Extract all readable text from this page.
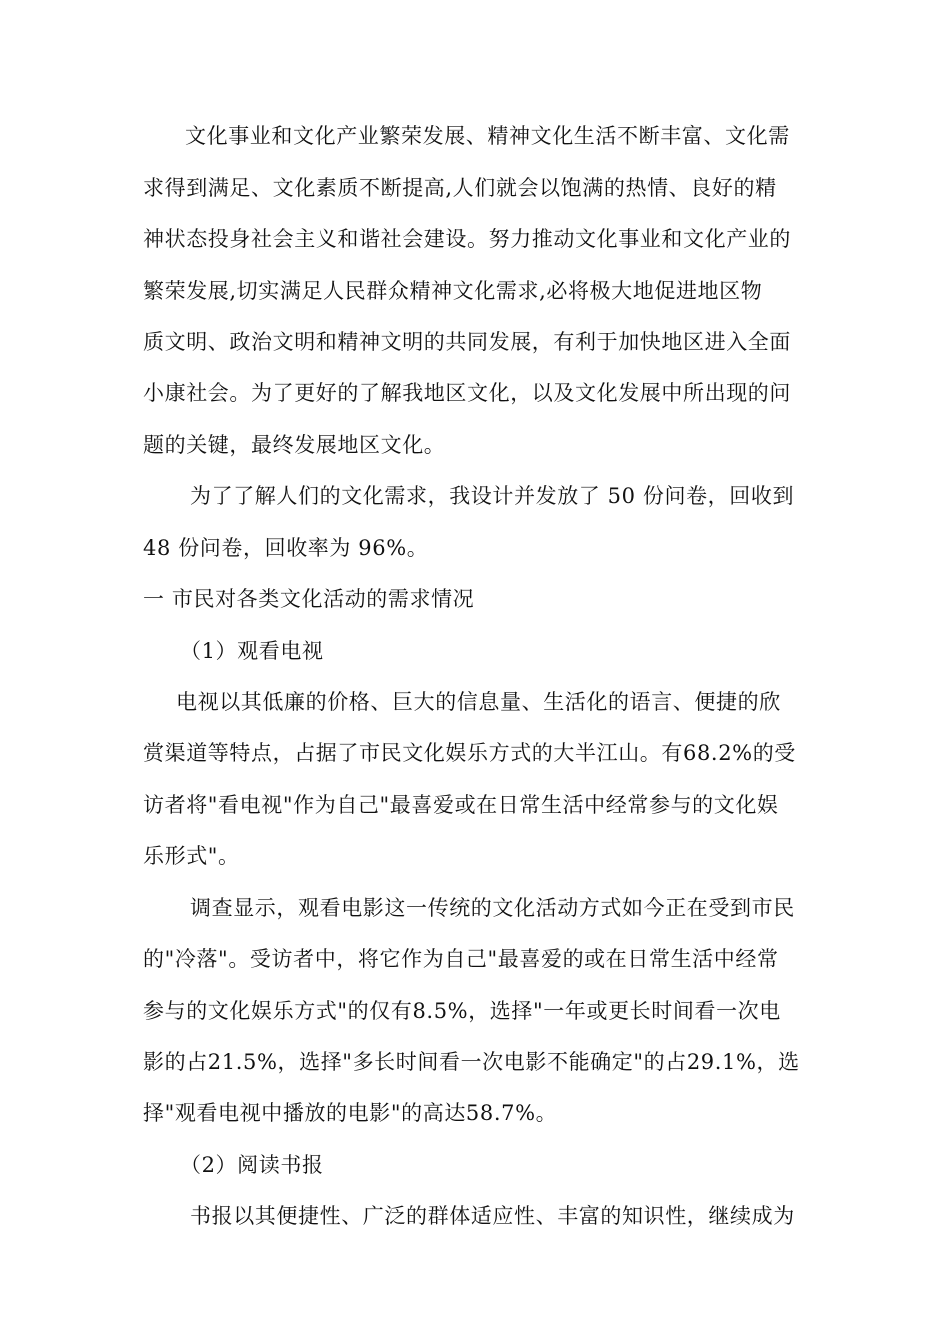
文化事业和文化产业繁荣发展、精神文化生活不断丰富、文化需
求得到满足、文化素质不断提高,人们就会以饱满的热情、良好的精
神状态投身社会主义和谐社会建设。努力推动文化事业和文化产业的
繁荣发展,切实满足人民群众精神文化需求,必将极大地促进地区物
质文明、政治文明和精神文明的共同发展，有利于加快地区进入全面
小康社会。为了更好的了解我地区文化，以及文化发展中所出现的问
题的关键，最终发展地区文化。
为了了解人们的文化需求，我设计并发放了 50 份问卷，回收到
48 份问卷，回收率为 96%。
一 市民对各类文化活动的需求情况
（1）观看电视
电视以其低廉的价格、巨大的信息量、生活化的语言、便捷的欣
赏渠道等特点，占据了市民文化娱乐方式的大半江山。有68.2%的受
访者将"看电视"作为自己"最喜爱或在日常生活中经常参与的文化娱
乐形式"。
调查显示，观看电影这一传统的文化活动方式如今正在受到市民
的"冷落"。受访者中，将它作为自己"最喜爱的或在日常生活中经常
参与的文化娱乐方式"的仅有8.5%，选择"一年或更长时间看一次电
影的占21.5%，选择"多长时间看一次电影不能确定"的占29.1%，选
择"观看电视中播放的电影"的高达58.7%。
（2）阅读书报
书报以其便捷性、广泛的群体适应性、丰富的知识性，继续成为
